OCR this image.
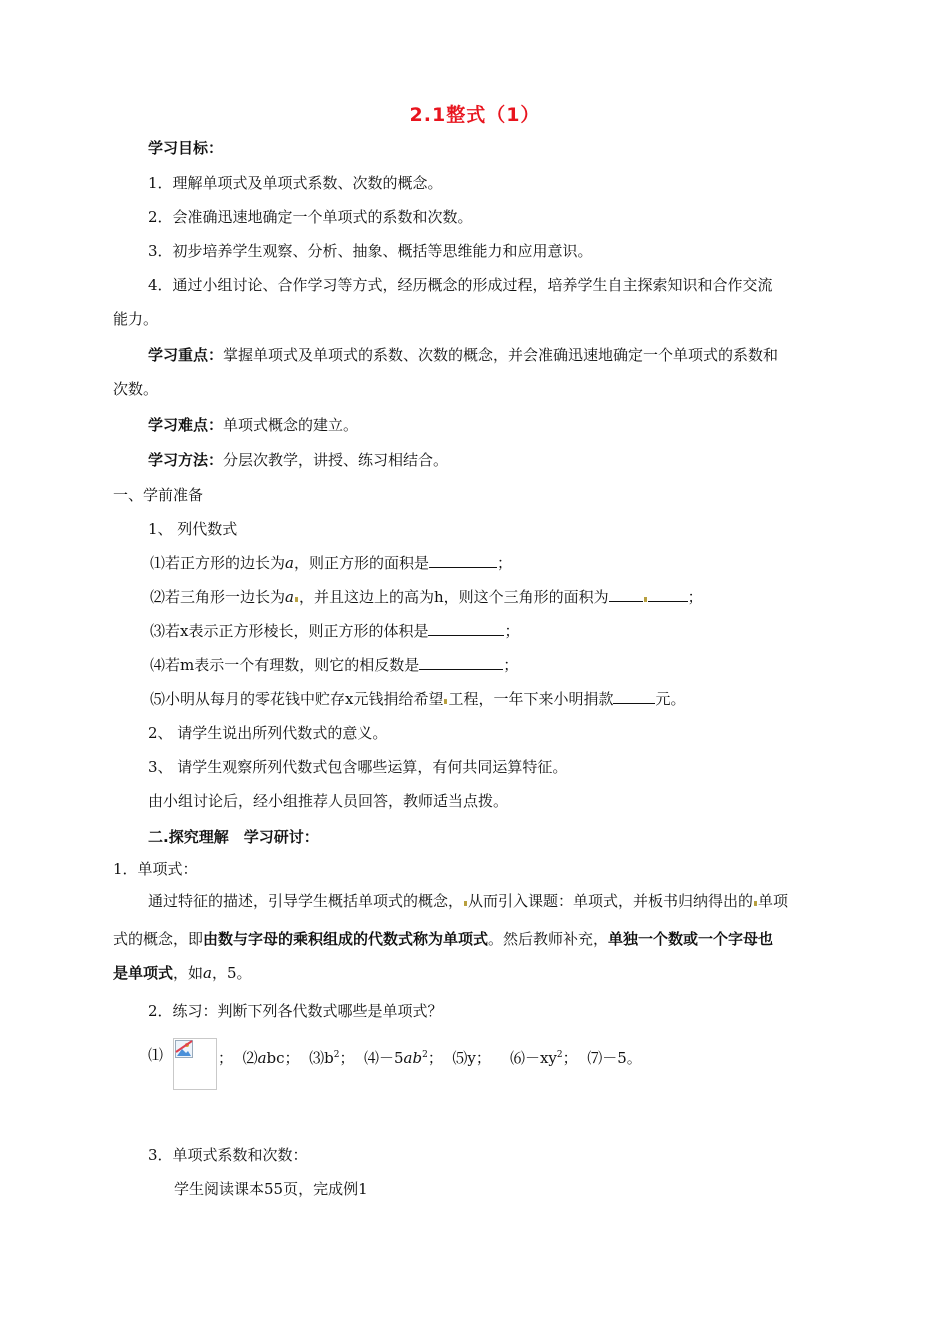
2.1整式（1）
学习目标：
1．理解单项式及单项式系数、次数的概念。
2．会准确迅速地确定一个单项式的系数和次数。
3．初步培养学生观察、分析、抽象、概括等思维能力和应用意识。
4．通过小组讨论、合作学习等方式，经历概念的形成过程，培养学生自主探索知识和合作交流
能力。
学习重点：掌握单项式及单项式的系数、次数的概念，并会准确迅速地确定一个单项式的系数和
次数。
学习难点：单项式概念的建立。
学习方法：分层次教学，讲授、练习相结合。
一、学前准备
1、 列代数式
⑴若正方形的边长为a，则正方形的面积是	；
⑵若三角形一边长为a ，并且这边上的高为h，则这个三角形的面积为	；
⑶若x表示正方形棱长，则正方形的体积是	；
⑷若m表示一个有理数，则它的相反数是	；
⑸小明从每月的零花钱中贮存x元钱捐给希望 工程，一年下来小明捐款	元。
2、 请学生说出所列代数式的意义。
3、 请学生观察所列代数式包含哪些运算，有何共同运算特征。
由小组讨论后，经小组推荐人员回答，教师适当点拨。
二.探究理解　学习研讨：
1．单项式：
通过特征的描述，引导学生概括单项式的概念， 从而引入课题：单项式，并板书归纳得出的 单项
式的概念，即由数与字母的乘积组成的代数式称为单项式。然后教师补充，单独一个数或一个字母也
是单项式，如a，5。
2．练习：判断下列各代数式哪些是单项式？
⑴	； ⑵abc； $⑶b^2$； $⑷-5ab^2$； ⑸y； $⑹-xy^2$； ⑺－5。
3．单项式系数和次数：
学生阅读课本55页，完成例1
